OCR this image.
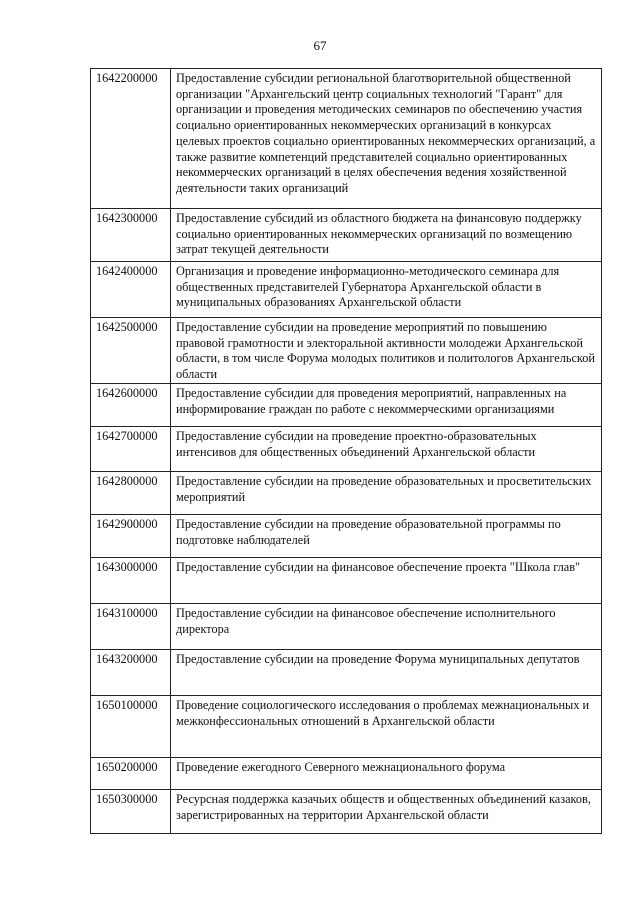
67
1642200000	Предоставление субсидии региональной благотворительной общественной организации "Архангельский центр социальных технологий "Гарант" для организации и проведения методических семинаров по обеспечению участия социально ориентированных некоммерческих организаций в конкурсах целевых проектов социально ориентированных некоммерческих организаций, а также развитие компетенций представителей социально ориентированных некоммерческих организаций в целях обеспечения ведения хозяйственной деятельности таких организаций
1642300000	Предоставление субсидий из областного бюджета на финансовую поддержку социально ориентированных некоммерческих организаций по возмещению затрат текущей деятельности
1642400000	Организация и проведение информационно-методического семинара для общественных представителей Губернатора Архангельской области в муниципальных образованиях Архангельской области
1642500000	Предоставление субсидии на проведение мероприятий по повышению правовой грамотности и электоральной активности молодежи Архангельской области, в том числе Форума молодых политиков и политологов Архангельской области
1642600000	Предоставление субсидии для проведения мероприятий, направленных на информирование граждан по работе с некоммерческими организациями
1642700000	Предоставление субсидии на проведение проектно-образовательных интенсивов для общественных объединений Архангельской области
1642800000	Предоставление субсидии на проведение образовательных и просветительских мероприятий
1642900000	Предоставление субсидии на проведение образовательной программы по подготовке наблюдателей
1643000000	Предоставление субсидии на финансовое обеспечение проекта "Школа глав"
1643100000	Предоставление субсидии на финансовое обеспечение исполнительного директора
1643200000	Предоставление субсидии на проведение Форума муниципальных депутатов
1650100000	Проведение социологического исследования о проблемах межнациональных и межконфессиональных отношений в Архангельской области
1650200000	Проведение ежегодного Северного межнационального форума
1650300000	Ресурсная поддержка казачьих обществ и общественных объединений казаков, зарегистрированных на территории Архангельской области
